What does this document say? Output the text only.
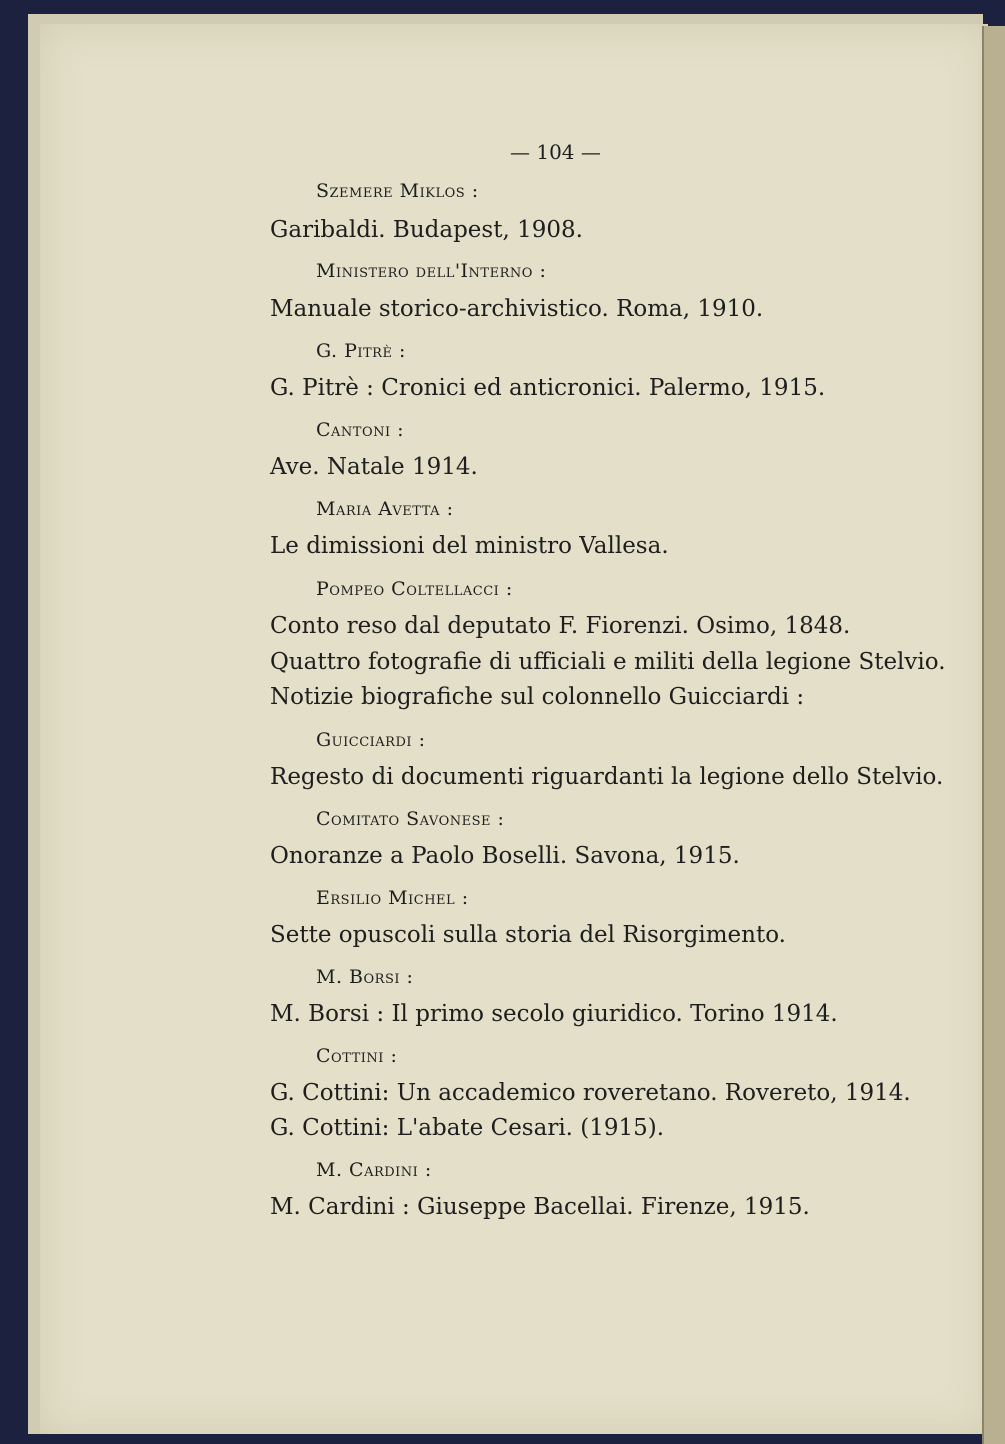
— 104 —
Szemere Miklos :
Garibaldi. Budapest, 1908.
Ministero dell'Interno :
Manuale storico-archivistico. Roma, 1910.
G. Pitrè :
G. Pitrè : Cronici ed anticronici. Palermo, 1915.
Cantoni :
Ave. Natale 1914.
Maria Avetta :
Le dimissioni del ministro Vallesa.
Pompeo Coltellacci :
Conto reso dal deputato F. Fiorenzi. Osimo, 1848.
Quattro fotografie di ufficiali e militi della legione Stelvio.
Notizie biografiche sul colonnello Guicciardi :
Guicciardi :
Regesto di documenti riguardanti la legione dello Stelvio.
Comitato Savonese :
Onoranze a Paolo Boselli. Savona, 1915.
Ersilio Michel :
Sette opuscoli sulla storia del Risorgimento.
M. Borsi :
M. Borsi : Il primo secolo giuridico. Torino 1914.
Cottini :
G. Cottini: Un accademico roveretano. Rovereto, 1914.
G. Cottini: L'abate Cesari. (1915).
M. Cardini :
M. Cardini : Giuseppe Bacellai. Firenze, 1915.
